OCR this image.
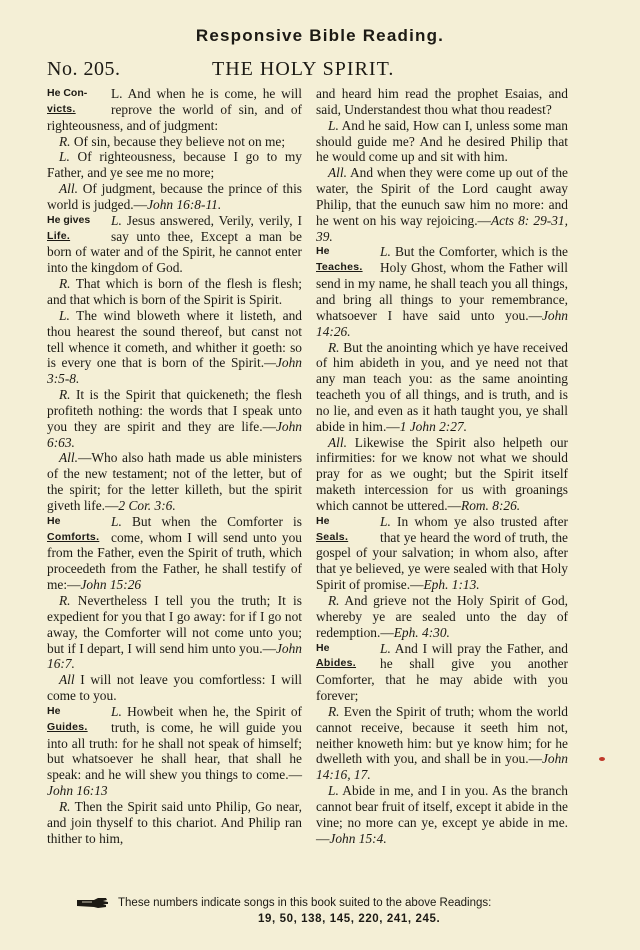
Responsive Bible Reading.
No. 205.	THE HOLY SPIRIT.

He Con-
victs.
L. And when he is come, he will reprove the world of sin, and of righteousness, and of judgment:

R. Of sin, because they believe not on me;

L. Of righteousness, because I go to my Father, and ye see me no more;

All. Of judgment, because the prince of this world is judged.—John 16:8-11.

He gives
Life.
L. Jesus answered, Verily, verily, I say unto thee, Except a man be born of water and of the Spirit, he cannot enter into the kingdom of God.

R. That which is born of the flesh is flesh; and that which is born of the Spirit is Spirit.

L. The wind bloweth where it listeth, and thou hearest the sound thereof, but canst not tell whence it cometh, and whither it goeth: so is every one that is born of the Spirit.—John 3:5-8.

R. It is the Spirit that quickeneth; the flesh profiteth nothing: the words that I speak unto you they are spirit and they are life.—John 6:63.

All.—Who also hath made us able ministers of the new testament; not of the letter, but of the spirit; for the letter killeth, but the spirit giveth life.—2 Cor. 3:6.

He
Comforts.
L. But when the Comforter is come, whom I will send unto you from the Father, even the Spirit of truth, which proceedeth from the Father, he shall testify of me:—John 15:26

R. Nevertheless I tell you the truth; It is expedient for you that I go away: for if I go not away, the Comforter will not come unto you; but if I depart, I will send him unto you.—John 16:7.

All I will not leave you comfortless: I will come to you.

He
Guides.
L. Howbeit when he, the Spirit of truth, is come, he will guide you into all truth: for he shall not speak of himself; but whatsoever he shall hear, that shall he speak: and he will shew you things to come.—John 16:13

R. Then the Spirit said unto Philip, Go near, and join thyself to this chariot. And Philip ran thither to him,

and heard him read the prophet Esaias, and said, Understandest thou what thou readest?

L. And he said, How can I, unless some man should guide me? And he desired Philip that he would come up and sit with him.

All. And when they were come up out of the water, the Spirit of the Lord caught away Philip, that the eunuch saw him no more: and he went on his way rejoicing.—Acts 8: 29-31, 39.

He
Teaches.
L. But the Comforter, which is the Holy Ghost, whom the Father will send in my name, he shall teach you all things, and bring all things to your remembrance, whatsoever I have said unto you.—John 14:26.

R. But the anointing which ye have received of him abideth in you, and ye need not that any man teach you: as the same anointing teacheth you of all things, and is truth, and is no lie, and even as it hath taught you, ye shall abide in him.—1 John 2:27.

All. Likewise the Spirit also helpeth our infirmities: for we know not what we should pray for as we ought; but the Spirit itself maketh intercession for us with groanings which cannot be uttered.—Rom. 8:26.

He
Seals.
L. In whom ye also trusted after that ye heard the word of truth, the gospel of your salvation; in whom also, after that ye believed, ye were sealed with that Holy Spirit of promise.—Eph. 1:13.

R. And grieve not the Holy Spirit of God, whereby ye are sealed unto the day of redemption.—Eph. 4:30.

He
Abides.
L. And I will pray the Father, and he shall give you another Comforter, that he may abide with you forever;

R. Even the Spirit of truth; whom the world cannot receive, because it seeth him not, neither knoweth him: but ye know him; for he dwelleth with you, and shall be in you.—John 14:16, 17.

L. Abide in me, and I in you. As the branch cannot bear fruit of itself, except it abide in the vine; no more can ye, except ye abide in me.—John 15:4.

These numbers indicate songs in this book suited to the above Readings:
19, 50, 138, 145, 220, 241, 245.
